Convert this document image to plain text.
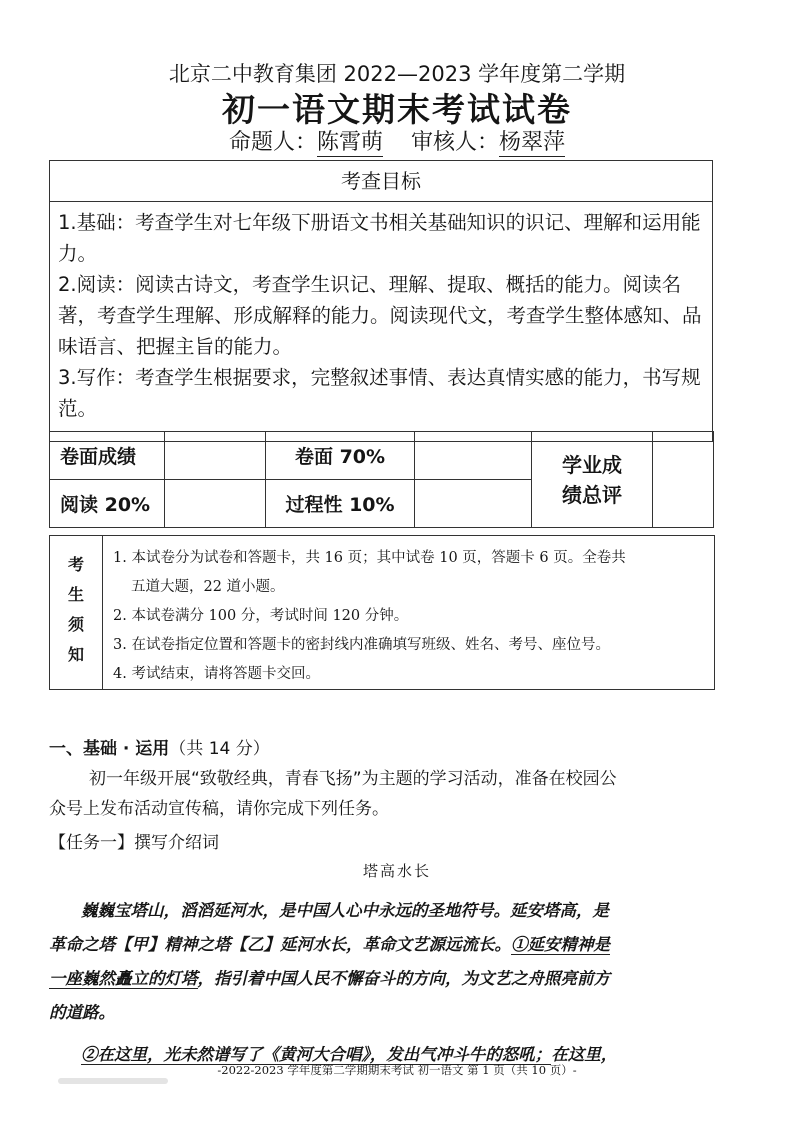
北京二中教育集团 2022—2023 学年度第二学期
初一语文期末考试试卷
命题人：陈霄萌 审核人：杨翠萍
考查目标

1.基础：考查学生对七年级下册语文书相关基础知识的识记、理解和运用能力。

2.阅读：阅读古诗文，考查学生识记、理解、提取、概括的能力。阅读名著，考查学生理解、形成解释的能力。阅读现代文，考查学生整体感知、品味语言、把握主旨的能力。

3.写作：考查学生根据要求，完整叙述事情、表达真情实感的能力，书写规范。

卷面成绩		卷面 70%		学业成
绩总评	
阅读 20%		过程性 10%			
考
生
须
知

1. 本试卷分为试卷和答题卡，共 16 页；其中试卷 10 页，答题卡 6 页。全卷共

五道大题，22 道小题。

2. 本试卷满分 100 分，考试时间 120 分钟。

3. 在试卷指定位置和答题卡的密封线内准确填写班级、姓名、考号、座位号。

4. 考试结束，请将答题卡交回。

一、基础 · 运用（共 14 分）

初一年级开展“致敬经典，青春飞扬”为主题的学习活动，准备在校园公

众号上发布活动宣传稿，请你完成下列任务。

【任务一】撰写介绍词
塔高水长

巍巍宝塔山，滔滔延河水，是中国人心中永远的圣地符号。延安塔高，是

革命之塔【甲】精神之塔【乙】延河水长，革命文艺源远流长。①延安精神是

一座巍然矗立的灯塔，指引着中国人民不懈奋斗的方向，为文艺之舟照亮前方

的道路。

②在这里，光未然谱写了《黄河大合唱》，发出气冲斗牛的怒吼；在这里，

-2022-2023 学年度第二学期期末考试 初一语文 第 1 页（共 10 页）-
